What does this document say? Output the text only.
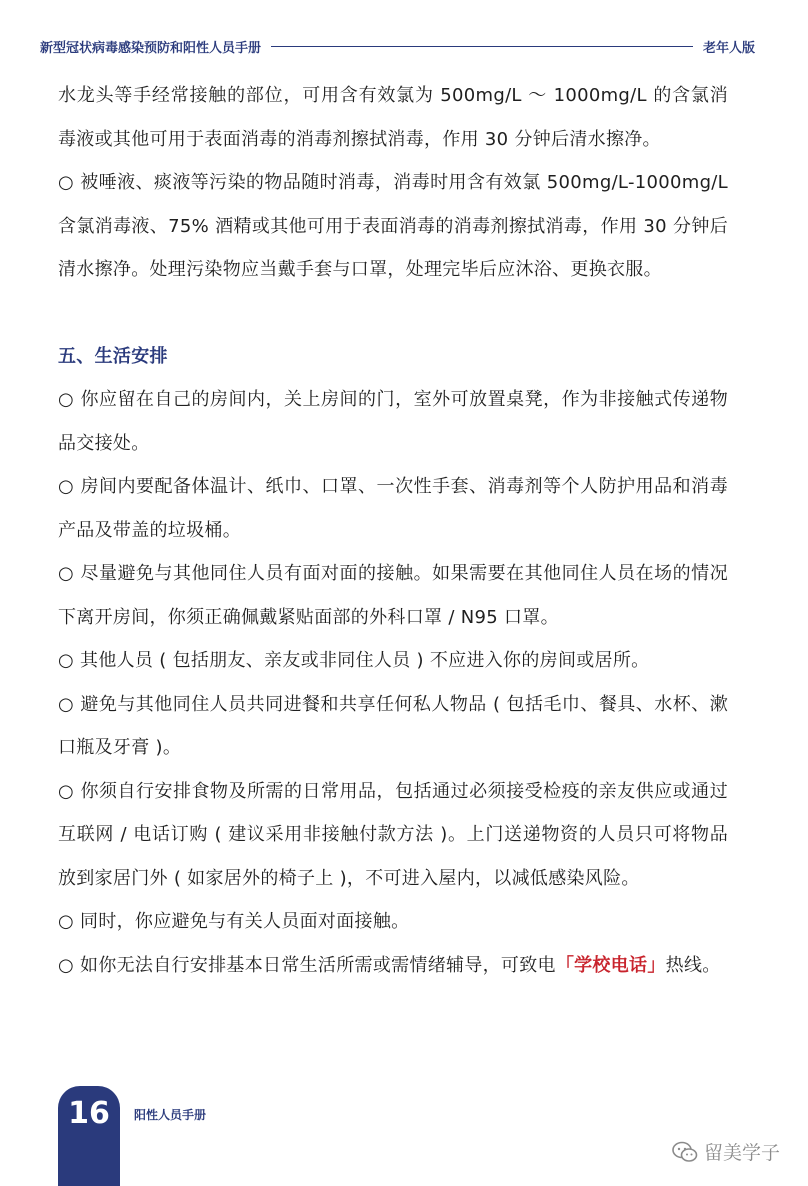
新型冠状病毒感染预防和阳性人员手册	老年人版

水龙头等手经常接触的部位，可用含有效氯为 500mg/L ～ 1000mg/L 的含氯消毒液或其他可用于表面消毒的消毒剂擦拭消毒，作用 30 分钟后清水擦净。

○ 被唾液、痰液等污染的物品随时消毒，消毒时用含有效氯 500mg/L-1000mg/L 含氯消毒液、75% 酒精或其他可用于表面消毒的消毒剂擦拭消毒，作用 30 分钟后清水擦净。处理污染物应当戴手套与口罩，处理完毕后应沐浴、更换衣服。

五、生活安排

○ 你应留在自己的房间内，关上房间的门，室外可放置桌凳，作为非接触式传递物品交接处。

○ 房间内要配备体温计、纸巾、口罩、一次性手套、消毒剂等个人防护用品和消毒产品及带盖的垃圾桶。

○ 尽量避免与其他同住人员有面对面的接触。如果需要在其他同住人员在场的情况下离开房间，你须正确佩戴紧贴面部的外科口罩 / N95 口罩。

○ 其他人员 ( 包括朋友、亲友或非同住人员 ) 不应进入你的房间或居所。

○ 避免与其他同住人员共同进餐和共享任何私人物品 ( 包括毛巾、餐具、水杯、漱口瓶及牙膏 )。

○ 你须自行安排食物及所需的日常用品，包括通过必须接受检疫的亲友供应或通过互联网 / 电话订购 ( 建议采用非接触付款方法 )。上门送递物资的人员只可将物品放到家居门外 ( 如家居外的椅子上 )，不可进入屋内，以减低感染风险。

○ 同时，你应避免与有关人员面对面接触。

○ 如你无法自行安排基本日常生活所需或需情绪辅导，可致电「学校电话」热线。

16 阳性人员手册
留美学子
